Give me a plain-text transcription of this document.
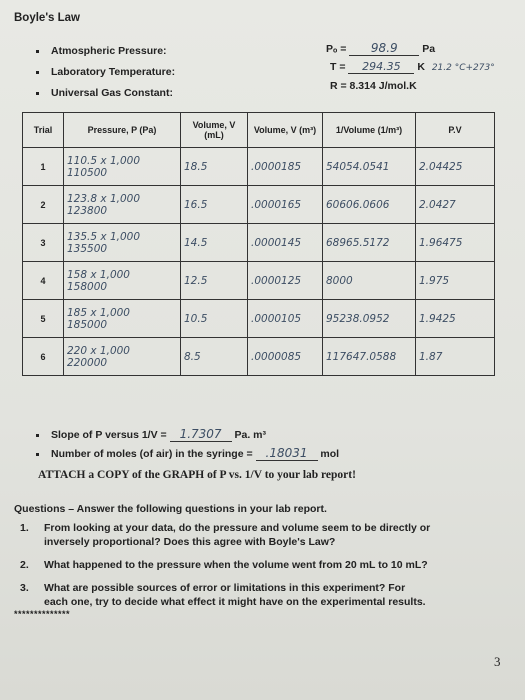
Boyle's Law
Atmospheric Pressure:
Laboratory Temperature:
Universal Gas Constant:
Pₒ = 98.9 Pa
T = 294.35 K 21.2 °C+273°
R = 8.314 J/mol.K
Trial	Pressure, P (Pa)	Volume, V (mL)	Volume, V (m³)	1/Volume (1/m³)	P.V
1	110.5 x 1,000
110500	18.5	.0000185	54054.0541	2.04425
2	123.8 x 1,000
123800	16.5	.0000165	60606.0606	2.0427
3	135.5 x 1,000
135500	14.5	.0000145	68965.5172	1.96475
4	158 x 1,000
158000	12.5	.0000125	8000	1.975
5	185 x 1,000
185000	10.5	.0000105	95238.0952	1.9425
6	220 x 1,000
220000	8.5	.0000085	117647.0588	1.87
Slope of P versus 1/V = 1.7307 Pa. m³
Number of moles (of air) in the syringe = .18031 mol
ATTACH a COPY of the GRAPH of P vs. 1/V to your lab report!
Questions – Answer the following questions in your lab report.
1. From looking at your data, do the pressure and volume seem to be directly or
inversely proportional? Does this agree with Boyle's Law?
2. What happened to the pressure when the volume went from 20 mL to 10 mL?
3. What are possible sources of error or limitations in this experiment? For
each one, try to decide what effect it might have on the experimental results.
**************
3
